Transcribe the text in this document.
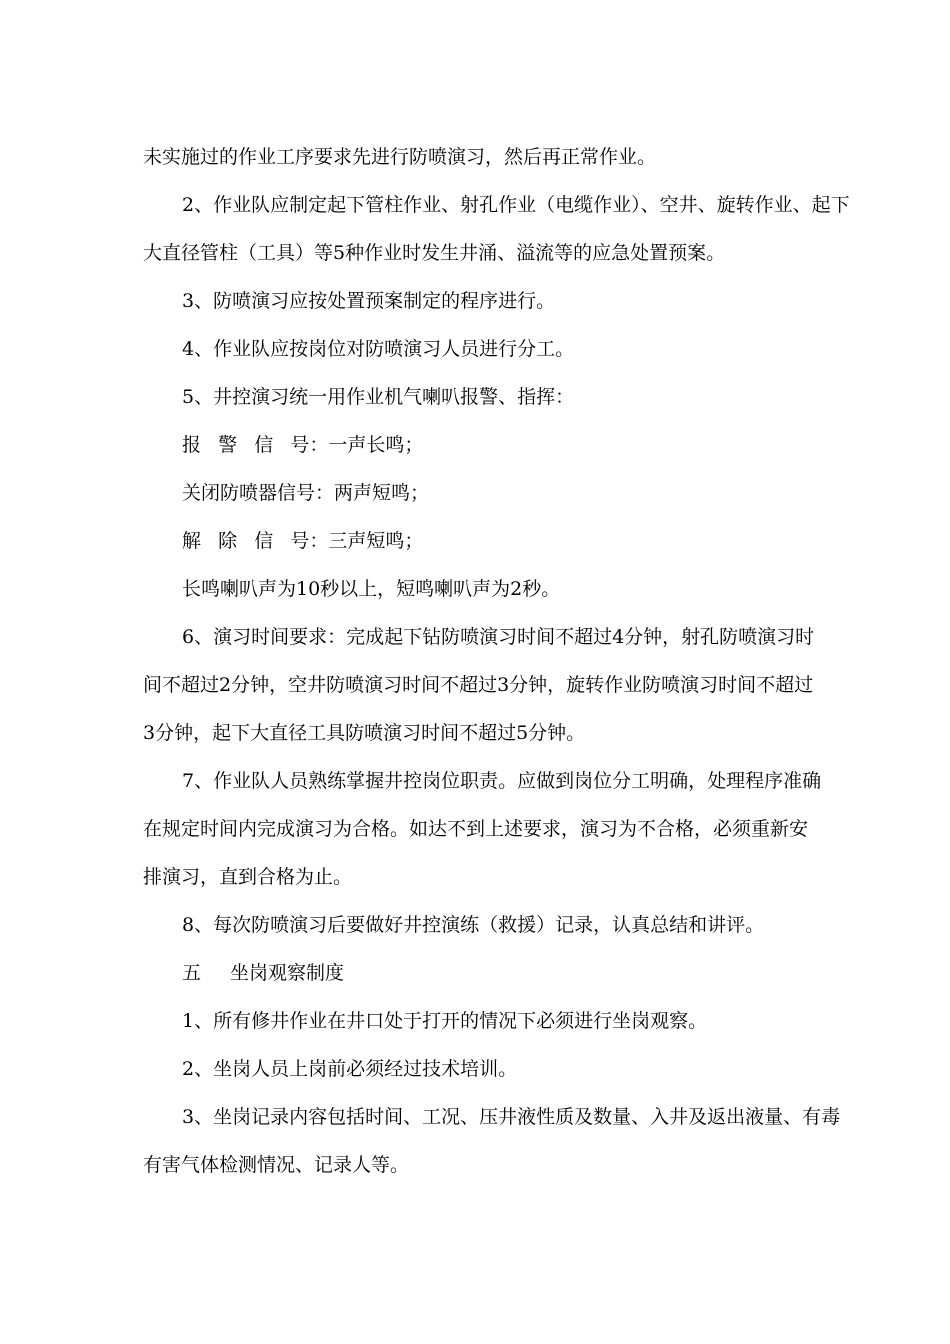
未实施过的作业工序要求先进行防喷演习，然后再正常作业。
2、作业队应制定起下管柱作业、射孔作业（电缆作业）、空井、旋转作业、起下
大直径管柱（工具）等5种作业时发生井涌、溢流等的应急处置预案。
3、防喷演习应按处置预案制定的程序进行。
4、作业队应按岗位对防喷演习人员进行分工。
5、井控演习统一用作业机气喇叭报警、指挥：
报警信号：一声长鸣；
关闭防喷器信号：两声短鸣；
解除信号：三声短鸣；
长鸣喇叭声为10秒以上，短鸣喇叭声为2秒。
6、演习时间要求：完成起下钻防喷演习时间不超过4分钟，射孔防喷演习时
间不超过2分钟，空井防喷演习时间不超过3分钟，旋转作业防喷演习时间不超过
3分钟，起下大直径工具防喷演习时间不超过5分钟。
7、作业队人员熟练掌握井控岗位职责。应做到岗位分工明确，处理程序准确
在规定时间内完成演习为合格。如达不到上述要求，演习为不合格，必须重新安
排演习，直到合格为止。
8、每次防喷演习后要做好井控演练（救援）记录，认真总结和讲评。
五 坐岗观察制度
1、所有修井作业在井口处于打开的情况下必须进行坐岗观察。
2、坐岗人员上岗前必须经过技术培训。
3、坐岗记录内容包括时间、工况、压井液性质及数量、入井及返出液量、有毒
有害气体检测情况、记录人等。
